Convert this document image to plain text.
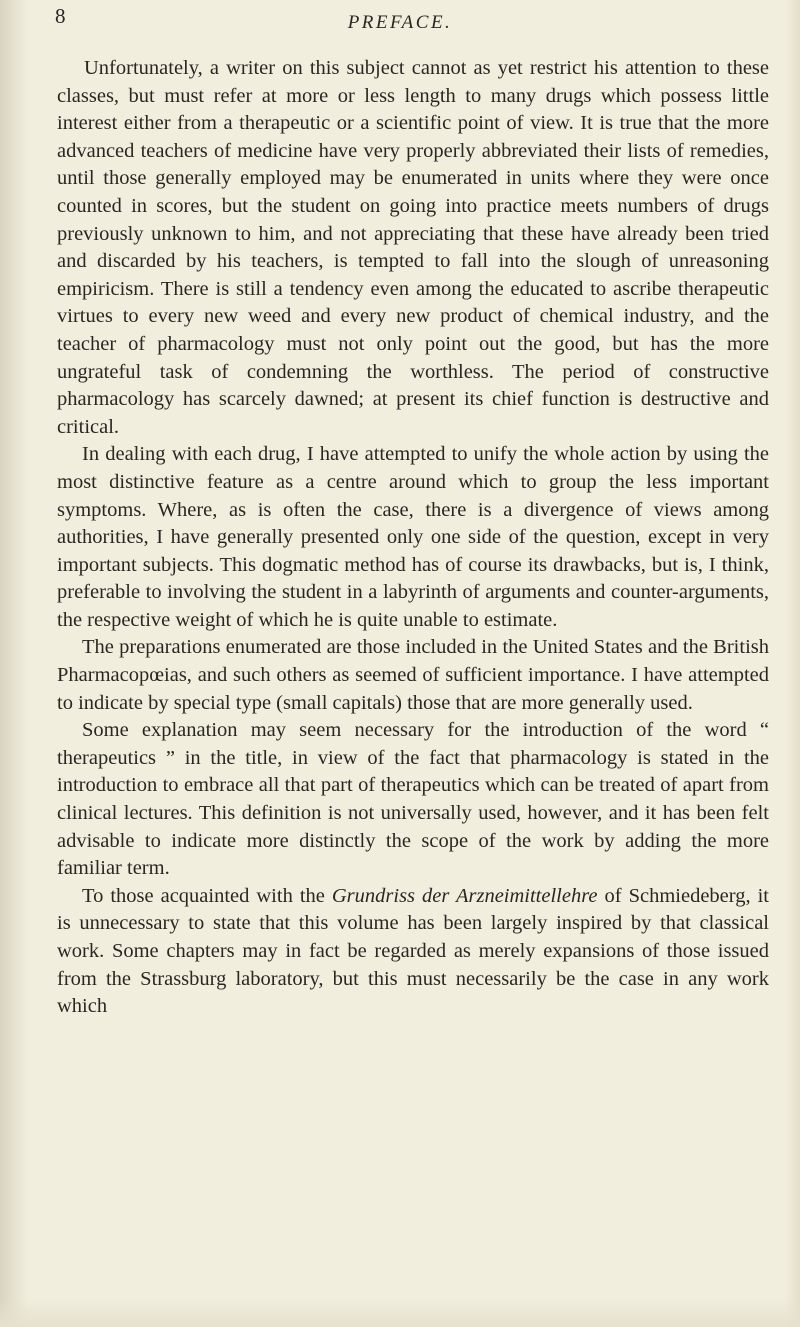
8	PREFACE.

Unfortunately, a writer on this subject cannot as yet restrict his attention to these classes, but must refer at more or less length to many drugs which possess little interest either from a therapeutic or a scientific point of view. It is true that the more advanced teachers of medicine have very properly abbreviated their lists of remedies, until those generally employed may be enumerated in units where they were once counted in scores, but the student on going into practice meets numbers of drugs previously unknown to him, and not appreciating that these have already been tried and discarded by his teachers, is tempted to fall into the slough of unreasoning empiricism. There is still a tendency even among the educated to ascribe therapeutic virtues to every new weed and every new product of chemical industry, and the teacher of pharmacology must not only point out the good, but has the more ungrateful task of condemning the worthless. The period of constructive pharmacology has scarcely dawned; at present its chief function is destructive and critical.

In dealing with each drug, I have attempted to unify the whole action by using the most distinctive feature as a centre around which to group the less important symptoms. Where, as is often the case, there is a divergence of views among authorities, I have generally presented only one side of the question, except in very important subjects. This dogmatic method has of course its drawbacks, but is, I think, preferable to involving the student in a labyrinth of arguments and counter-arguments, the respective weight of which he is quite unable to estimate.

The preparations enumerated are those included in the United States and the British Pharmacopœias, and such others as seemed of sufficient importance. I have attempted to indicate by special type (small capitals) those that are more generally used.

Some explanation may seem necessary for the introduction of the word “ therapeutics ” in the title, in view of the fact that pharmacology is stated in the introduction to embrace all that part of therapeutics which can be treated of apart from clinical lectures. This definition is not universally used, however, and it has been felt advisable to indicate more distinctly the scope of the work by adding the more familiar term.

To those acquainted with the Grundriss der Arzneimittellehre of Schmiedeberg, it is unnecessary to state that this volume has been largely inspired by that classical work. Some chapters may in fact be regarded as merely expansions of those issued from the Strassburg laboratory, but this must necessarily be the case in any work which
